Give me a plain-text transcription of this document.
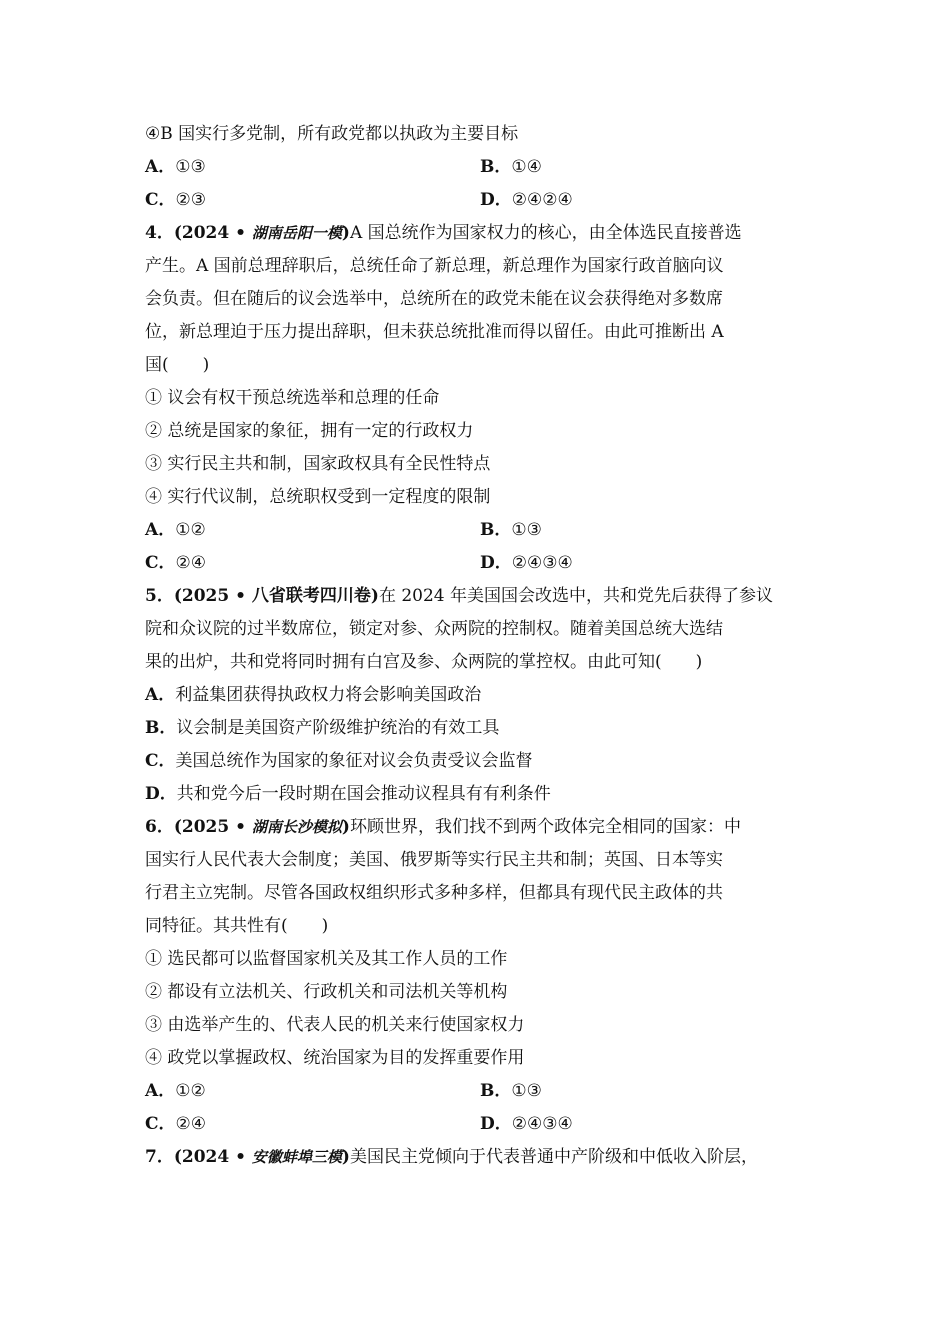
④B 国实行多党制，所有政党都以执政为主要目标
A．①③	B．①④
C．②③	D．②④②④
4．(2024 • 湖南岳阳一模)A 国总统作为国家权力的核心，由全体选民直接普选
产生。A 国前总理辞职后，总统任命了新总理，新总理作为国家行政首脑向议
会负责。但在随后的议会选举中，总统所在的政党未能在议会获得绝对多数席
位，新总理迫于压力提出辞职，但未获总统批准而得以留任。由此可推断出 A
国(　　)
① 议会有权干预总统选举和总理的任命
② 总统是国家的象征，拥有一定的行政权力
③ 实行民主共和制，国家政权具有全民性特点
④ 实行代议制，总统职权受到一定程度的限制
A．①②	B．①③
C．②④	D．②④③④
5．(2025 • 八省联考四川卷)在 2024 年美国国会改选中，共和党先后获得了参议
院和众议院的过半数席位，锁定对参、众两院的控制权。随着美国总统大选结
果的出炉，共和党将同时拥有白宫及参、众两院的掌控权。由此可知(　　)
A．利益集团获得执政权力将会影响美国政治
B．议会制是美国资产阶级维护统治的有效工具
C．美国总统作为国家的象征对议会负责受议会监督
D．共和党今后一段时期在国会推动议程具有有利条件
6．(2025 • 湖南长沙模拟)环顾世界，我们找不到两个政体完全相同的国家：中
国实行人民代表大会制度；美国、俄罗斯等实行民主共和制；英国、日本等实
行君主立宪制。尽管各国政权组织形式多种多样，但都具有现代民主政体的共
同特征。其共性有(　　)
① 选民都可以监督国家机关及其工作人员的工作
② 都设有立法机关、行政机关和司法机关等机构
③ 由选举产生的、代表人民的机关来行使国家权力
④ 政党以掌握政权、统治国家为目的发挥重要作用
A．①②	B．①③
C．②④	D．②④③④
7．(2024 • 安徽蚌埠三模)美国民主党倾向于代表普通中产阶级和中低收入阶层，
